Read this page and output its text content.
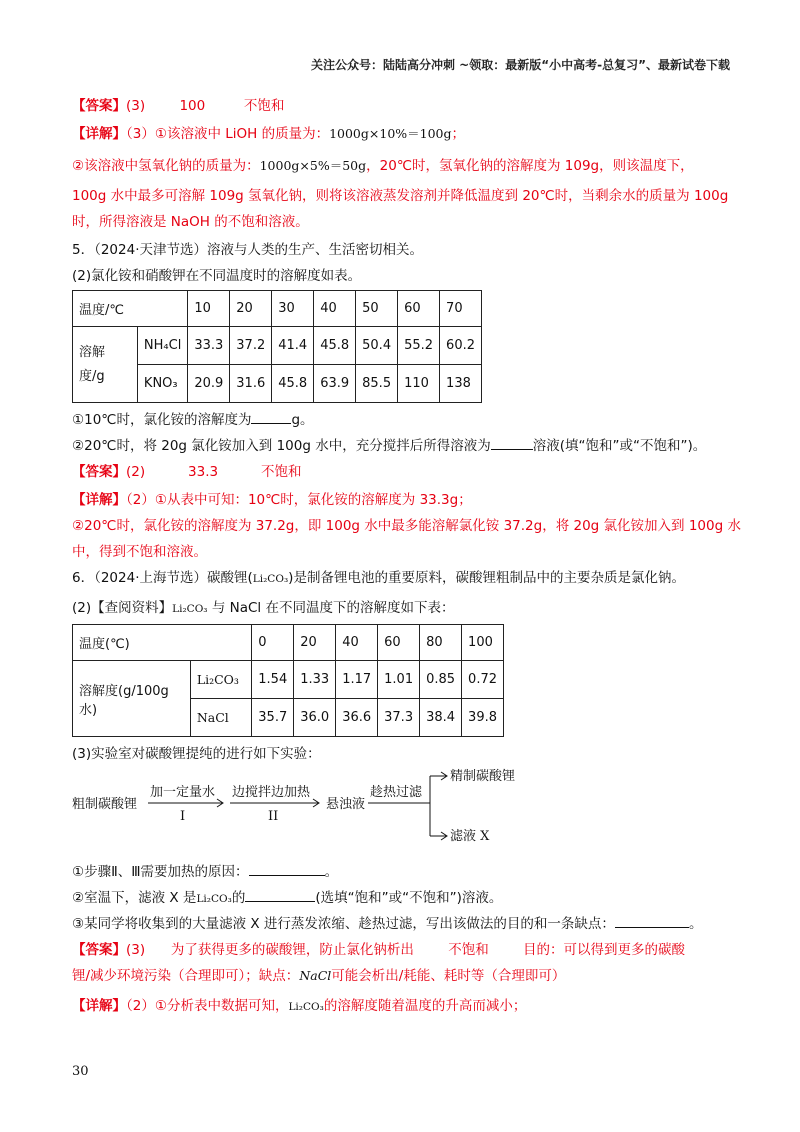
关注公众号：陆陆高分冲刺 ~领取：最新版“小中高考-总复习”、最新试卷下载
【答案】(3)        100         不饱和
【详解】（3）①该溶液中 LiOH 的质量为：1000g×10%＝100g；
②该溶液中氢氧化钠的质量为：1000g×5%＝50g，20℃时，氢氧化钠的溶解度为 109g，则该温度下，
100g 水中最多可溶解 109g 氢氧化钠，则将该溶液蒸发溶剂并降低温度到 20℃时，当剩余水的质量为 100g
时，所得溶液是 NaOH 的不饱和溶液。
5．（2024·天津节选）溶液与人类的生产、生活密切相关。
(2)氯化铵和硝酸钾在不同温度时的溶解度如表。
温度/℃		10	20	30	40	50	60	70
溶解
度/g	NH₄Cl	33.3	37.2	41.4	45.8	50.4	55.2	60.2
	KNO₃	20.9	31.6	45.8	63.9	85.5	110	138
①10℃时，氯化铵的溶解度为	g。
②20℃时，将 20g 氯化铵加入到 100g 水中，充分搅拌后所得溶液为	溶液(填“饱和”或“不饱和”)。
【答案】(2)          33.3          不饱和
【详解】（2）①从表中可知：10℃时，氯化铵的溶解度为 33.3g；
②20℃时，氯化铵的溶解度为 37.2g，即 100g 水中最多能溶解氯化铵 37.2g，将 20g 氯化铵加入到 100g 水
中，得到不饱和溶液。
6．（2024·上海节选）碳酸锂(Li₂CO₃)是制备锂电池的重要原料，碳酸锂粗制品中的主要杂质是氯化钠。
(2)【查阅资料】Li₂CO₃ 与 NaCl 在不同温度下的溶解度如下表：
温度(℃)		0	20	40	60	80	100
溶解度(g/100g 水)	Li₂CO₃	1.54	1.33	1.17	1.01	0.85	0.72
	NaCl	35.7	36.0	36.6	37.3	38.4	39.8
(3)实验室对碳酸锂提纯的进行如下实验：
粗制碳酸锂
加一定量水
I
边搅拌边加热
II
悬浊液
趁热过滤
精制碳酸锂
滤液 X
①步骤Ⅱ、Ⅲ需要加热的原因：	。
②室温下，滤液 X 是Li₂CO₃的	(选填“饱和”或“不饱和”)溶液。
③某同学将收集到的大量滤液 X 进行蒸发浓缩、趁热过滤，写出该做法的目的和一条缺点：	。
【答案】(3)      为了获得更多的碳酸锂，防止氯化钠析出        不饱和        目的：可以得到更多的碳酸
锂/减少环境污染（合理即可）；缺点：NaCl可能会析出/耗能、耗时等（合理即可）
【详解】（2）①分析表中数据可知，Li₂CO₃的溶解度随着温度的升高而减小；
30
